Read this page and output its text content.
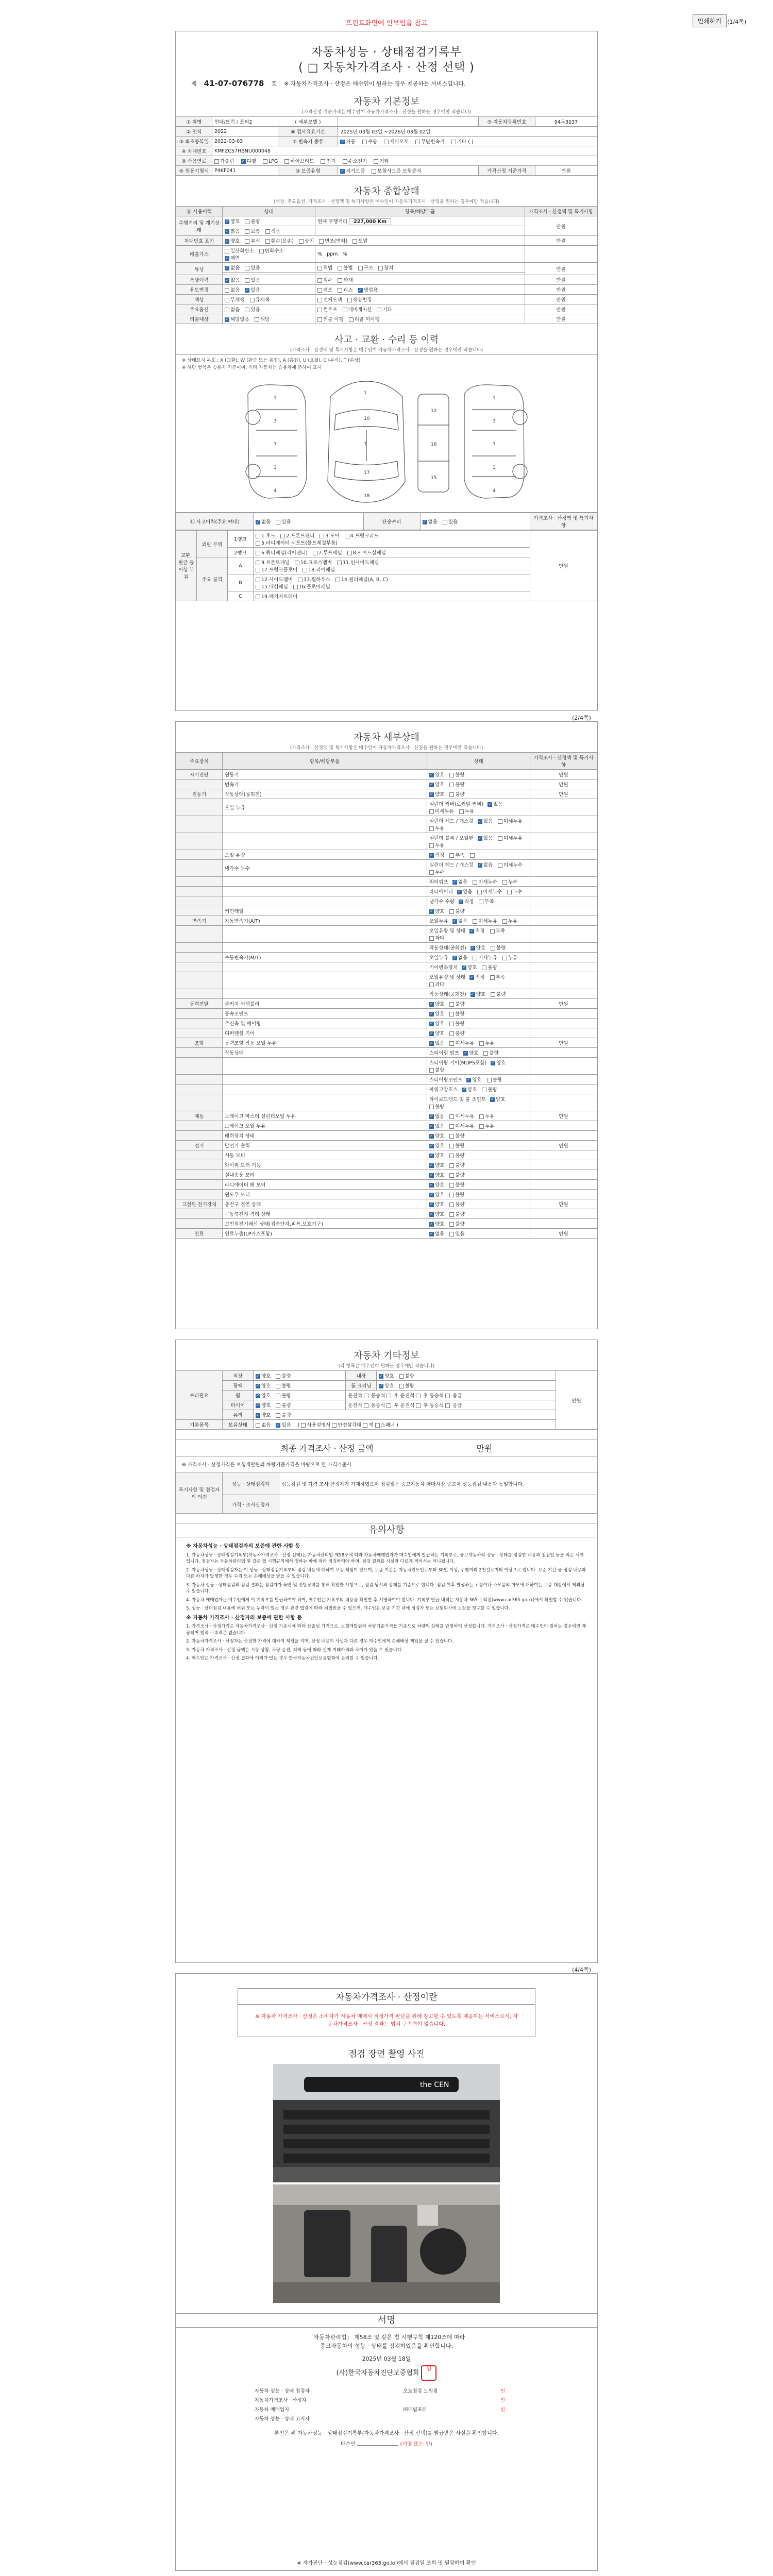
프린트화면에 안보임을 참고	인쇄하기	(1/4쪽)
자동차성능 · 상태점검기록부
( □ 자동차가격조사 · 산정 선택 )
제 41-07-076778 호 ※ 자동차가격조사 · 산정은 매수인이 원하는 경우 제공하는 서비스입니다.
자동차 기본정보
(가격산정 기준가격은 매수인이 자동차가격조사 · 산정을 원하는 경우에만 적습니다)
① 차명	현대/트럭 / 포터2	( 세부모델 )		⑤ 자동차등록번호	94무3037
② 연식	2022	⑥ 검사유효기간	2025년 03월 03일 ~2026년 03월 02일		
③ 최초등록일	2022-03-03	⑦ 변속기 종류	✓자동 수동 세미오토 무단변속기 기타 ( )
④ 차대번호	KMFZCS7HBNU000048				
⑧ 사용연료	가솔린 ✓ 디젤 LPG 하이브리드 전기 수소전기 기타
⑨ 원동기형식	P4KF041	⑩ 보증유형	✓자가보증 보험사보증 보험증지	가격산정 기준가격	만원
자동차 종합상태
(색상, 주요옵션, 가격조사 · 산정액 및 특기사항은 매수인이 자동차가격조사 · 산정을 원하는 경우에만 적습니다)
⑪ 사용이력	상태	항목/해당부품	가격조사 · 산정액 및 특기사항
주행거리 및 계기상태	✓양호 불량	현재 주행거리 227,000 Km	만원
✓많음 보통 적음	
차대번호 표기	✓양호 부식 훼손(오손) 상이 변조(변타) 도말		만원
배출가스	일산화탄소 탄화수소
✓매연	% ppm %	
튜닝	✓없음 있음	적법 불법 구조 장치	만원

특별이력	✓없음 있음	침수 화재	만원
용도변경	없음 ✓ 있음	렌트 리스 ✓ 영업용	만원
색상	무채색 유채색	전체도색 색상변경	만원
주요옵션	없음 있음	썬루프 네비게이션 기타	만원
리콜대상	✓해당없음 해당	리콜 이행 리콜 미이행	만원
사고 · 교환 · 수리 등 이력
(가격조사 · 산정액 및 특기사항은 매수인이 자동차가격조사 · 산정을 원하는 경우에만 적습니다)
※ 상태표시 부호 : X (교환), W (판금 또는 용접), A (흠집), U (요철), C (부식), T (손상)
※ 하단 항목은 승용차 기준이며, 기타 자동차는 승용차에 준하여 표시
1
3
7
3
4
1
10
7
17
18
1
3
7
3
4
12
16
15
⑪ 사고이력(주요 뼈대)	✓없음 있음	단순수리	✓없음 있음	가격조사 · 산정액 및 특기사항
교환, 판금 등 이상 부위	외판 부위	1랭크	1.후드 2.프론트펜더 3.도어 4.트렁크리드
5.라디에이터 서포트(볼트체결부품)	만원
		2랭크	6.쿼터패널(리어펜더) 7.루프패널 8.사이드실패널	
	주요 골격	A	9.프론트패널 10.크로스멤버 11.인사이드패널
17.트렁크플로어 18.리어패널	
		B	12.사이드멤버 13.휠하우스 14.필러패널(A, B, C)
15.대쉬패널 16.플로어패널	
		C	19.패키지트레이	
(2/4쪽)
자동차 세부상태
(가격조사 · 산정액 및 특기사항은 매수인이 자동차가격조사 · 산정을 원하는 경우에만 적습니다)
주요장치	항목/해당부품	상태	가격조사 · 산정액 및 특기사항
자기진단	원동기	✓양호 불량	만원
	변속기	✓양호 불량	만원
원동기	작동상태(공회전)	✓양호 불량	만원
	오일 누유	실린더 커버(로커암 커버) ✓ 없음미세누유 누유	
		실린더 헤드 / 개스킷 ✓ 없음 미세누유누유	
		실린더 블록 / 오일팬 ✓ 없음 미세누유누유	
	오일 유량	✓적정 부족	
	냉각수 누수	실린더 헤드 / 개스킷 ✓ 없음 미세누수누수	
		워터펌프 ✓ 없음 미세누수 누수	
		라디에이터 ✓ 없음 미세누수 누수	
		냉각수 수량 ✓ 적정 부족	
	커먼레일	✓양호 불량	
변속기	자동변속기(A/T)	오일누유 ✓ 없음 미세누유 누유	
		오일유량 및 상태 ✓ 적정 부족과다	
		작동상태(공회전) ✓ 양호 불량	
	수동변속기(M/T)	오일누유 ✓ 없음 미세누유 누유	
		기어변속장치 ✓ 양호 불량	
		오일유량 및 상태 ✓ 적정 부족과다	
		작동상태(공회전) ✓ 양호 불량	
동력전달	클러치 어셈블리	✓양호 불량	만원
	등속조인트	✓양호 불량	
	추진축 및 베어링	✓양호 불량	
	디퍼렌셜 기어	✓양호 불량	
조향	동력조향 작동 오일 누유	✓없음 미세누유 누유	만원
	작동상태	스티어링 펌프 ✓ 양호 불량	
		스티어링 기어(MDPS포함) ✓ 양호불량	
		스티어링조인트 ✓ 양호 불량	
		파워고압호스 ✓ 양호 불량	
		타이로드엔드 및 볼 조인트 ✓ 양호불량	
제동	브레이크 마스터 실린더오일 누유	✓없음 미세누유 누유	만원
	브레이크 오일 누유	✓없음 미세누유 누유	
	배력장치 상태	✓양호 불량	
전기	발전기 출력	✓양호 불량	만원
	시동 모터	✓양호 불량	
	와이퍼 모터 기능	✓양호 불량	
	실내송풍 모터	✓양호 불량	
	라디에이터 팬 모터	✓양호 불량	
	윈도우 모터	✓양호 불량	
고전원 전기장치	충전구 절연 상태	✓양호 불량	만원
	구동축전지 격리 상태	✓양호 불량	
	고전원전기배선 상태(접속단자,피복,보호기구)	✓양호 불량	
연료	연료누출(LP가스포함)	✓없음 있음	만원
자동차 기타정보
(각 항목은 매수인이 원하는 경우에만 적습니다)
수리필요	외장	✓양호 불량	내장	✓양호 불량	만원
	광택	✓양호 불량	룸 크리닝	✓양호 불량
	휠	✓양호 불량	운전석 동승석 후 운전석 후 동승석 응급		
	타이어	✓양호 불량	운전석 동승석 후 운전석 후 동승석 응급		
	유리	✓양호 불량
기본품목	보유상태	없음 ✓ 있음 ( 사용설명서 안전삼각대 잭 스패너 )
최종 가격조사 · 산정 금액	만원
※ 가격조사 · 산정가격은 보험개발원의 차량기준가격을 바탕으로 한 가격기준서
특기사항 및 점검자의 의견	성능 · 상태점검자	성능점검 및 가격 조사·산정자가 기재하였으며 점검일은 중고자동차 매매시장 중고차 성능점검 내용과 동일합니다.
	가격 · 조사산정자	
유의사항
※ 자동차성능 · 상태점검자의 보증에 관한 사항 등

1. 자동차성능 · 상태점검기록부(자동차가격조사 · 산정 선택)는 자동차관리법 제58조에 따라 자동차매매업자가 매수인에게 발급하는 기록부로, 중고자동차의 성능 · 상태를 점검한 내용과 점검일 등을 적은 서류입니다. 점검자는 자동차관리법 및 같은 법 시행규칙에서 정하는 바에 따라 점검하여야 하며, 점검 결과를 사실과 다르게 적어서는 아니됩니다.

2. 자동차성능 · 상태점검자는 이 성능 · 상태점검기록부의 점검 내용에 대하여 보증 책임이 있으며, 보증 기간은 자동차인도일로부터 30일 이상, 주행거리 2천킬로미터 이상으로 합니다. 보증 기간 중 점검 내용과 다른 하자가 발생한 경우 수리 또는 손해배상을 받을 수 있습니다.

3. 자동차 성능 · 상태점검의 점검 결과는 점검자가 육안 및 진단장비를 통해 확인한 사항으로, 점검 당시의 상태를 기준으로 합니다. 점검 이후 발생하는 고장이나 소모품의 마모에 대하여는 보증 대상에서 제외될 수 있습니다.

4. 자동차 매매업자는 매수인에게 이 기록부를 발급하여야 하며, 매수인은 기록부의 내용을 확인한 후 서명하여야 합니다. 기록부 발급 내역은 자동차 365 누리집(www.car365.go.kr)에서 확인할 수 있습니다.

5. 성능 · 상태점검 내용에 허위 또는 누락이 있는 경우 관련 법령에 따라 처벌받을 수 있으며, 매수인은 보증 기간 내에 점검자 또는 보험회사에 보상을 청구할 수 있습니다.

※ 자동차 가격조사 · 산정자의 보증에 관한 사항 등

1. 가격조사 · 산정가격은 자동차가격조사 · 산정 기준서에 따라 산출된 가격으로, 보험개발원의 차량기준가격을 기준으로 차량의 상태를 반영하여 산정합니다. 가격조사 · 산정가격은 매수인이 원하는 경우에만 제공되며 법적 구속력은 없습니다.

2. 자동차가격조사 · 산정자는 산정한 가격에 대하여 책임을 지며, 산정 내용이 사실과 다른 경우 매수인에게 손해배상 책임을 질 수 있습니다.

3. 자동차 가격조사 · 산정 금액은 시장 상황, 차량 옵션, 지역 등에 따라 실제 거래가격과 차이가 있을 수 있습니다.

4. 매수인은 가격조사 · 산정 결과에 이의가 있는 경우 한국자동차진단보증협회에 문의할 수 있습니다.

(4/4쪽)
자동차가격조사 · 산정이란
※ 자동차 가격조사 · 산정은 소비자가 자동차 매매시 적정가격 판단을 위해 참고할 수 있도록 제공하는 서비스로서, 자동차가격조사 · 산정 결과는 법적 구속력이 없습니다.
점검 장면 촬영 사진
the CEN
서명
「자동차관리법」 제58조 및 같은 법 시행규칙 제120조에 따라
중고자동차의 성능 · 상태를 점검하였음을 확인합니다.
2025년 03월 18일
(사)한국자동차진단보증협회 인
자동차 성능 · 상태 점검자	오토점검 노원점	인
자동차가격조사 · 산정자		인
자동차 매매업자	㈜대림포터	인
자동차 성능 · 상태 고지자		
본인은 위 자동차성능 · 상태점검기록부(자동차가격조사 · 산정 선택)를 발급받은 사실을 확인합니다.
매수인	(서명 또는 인)
※ 자가진단 · 성능점검(www.car365.go.kr)에서 점검일 조회 및 열람하여 확인
